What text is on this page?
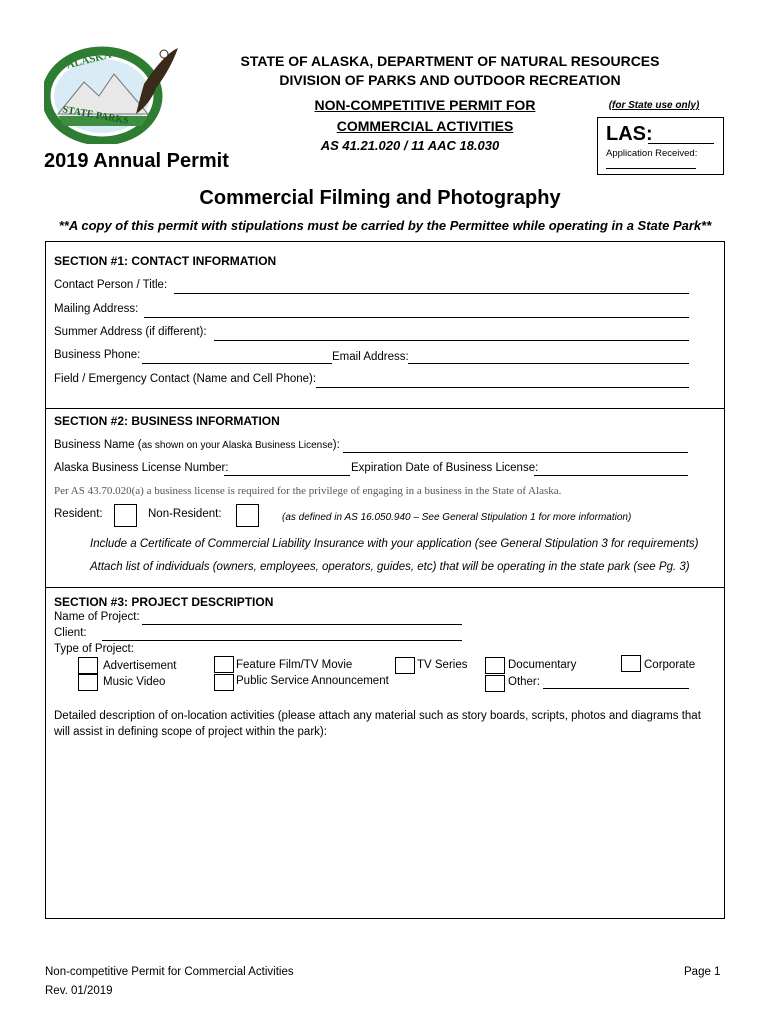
ALASKA
STATE PARKS
STATE OF ALASKA, DEPARTMENT OF NATURAL RESOURCES
DIVISION OF PARKS AND OUTDOOR RECREATION
NON-COMPETITIVE PERMIT FOR
COMMERCIAL ACTIVITIES
AS 41.21.020 / 11 AAC 18.030
(for State use only)
LAS:
Application Received:
2019 Annual Permit
Commercial Filming and Photography
**A copy of this permit with stipulations must be carried by the Permittee while operating in a State Park**
SECTION #1: CONTACT INFORMATION
Contact Person / Title:
Mailing Address:
Summer Address (if different):
Business Phone:	Email Address:
Field / Emergency Contact (Name and Cell Phone):
SECTION #2: BUSINESS INFORMATION
Business Name (as shown on your Alaska Business License):
Alaska Business License Number:	Expiration Date of Business License:
Per AS 43.70.020(a) a business license is required for the privilege of engaging in a business in the State of Alaska.
Resident:	Non-Resident:	(as defined in AS 16.050.940 – See General Stipulation 1 for more information)
Include a Certificate of Commercial Liability Insurance with your application (see General Stipulation 3 for requirements)
Attach list of individuals (owners, employees, operators, guides, etc) that will be operating in the state park (see Pg. 3)
SECTION #3: PROJECT DESCRIPTION
Name of Project:
Client:
Type of Project:
Advertisement
Music Video
Feature Film/TV Movie
Public Service Announcement
TV Series	Documentary
Other:
Corporate
Detailed description of on-location activities (please attach any material such as story boards, scripts, photos and diagrams that will assist in defining scope of project within the park):
Non-competitive Permit for Commercial Activities
Rev. 01/2019
Page 1
